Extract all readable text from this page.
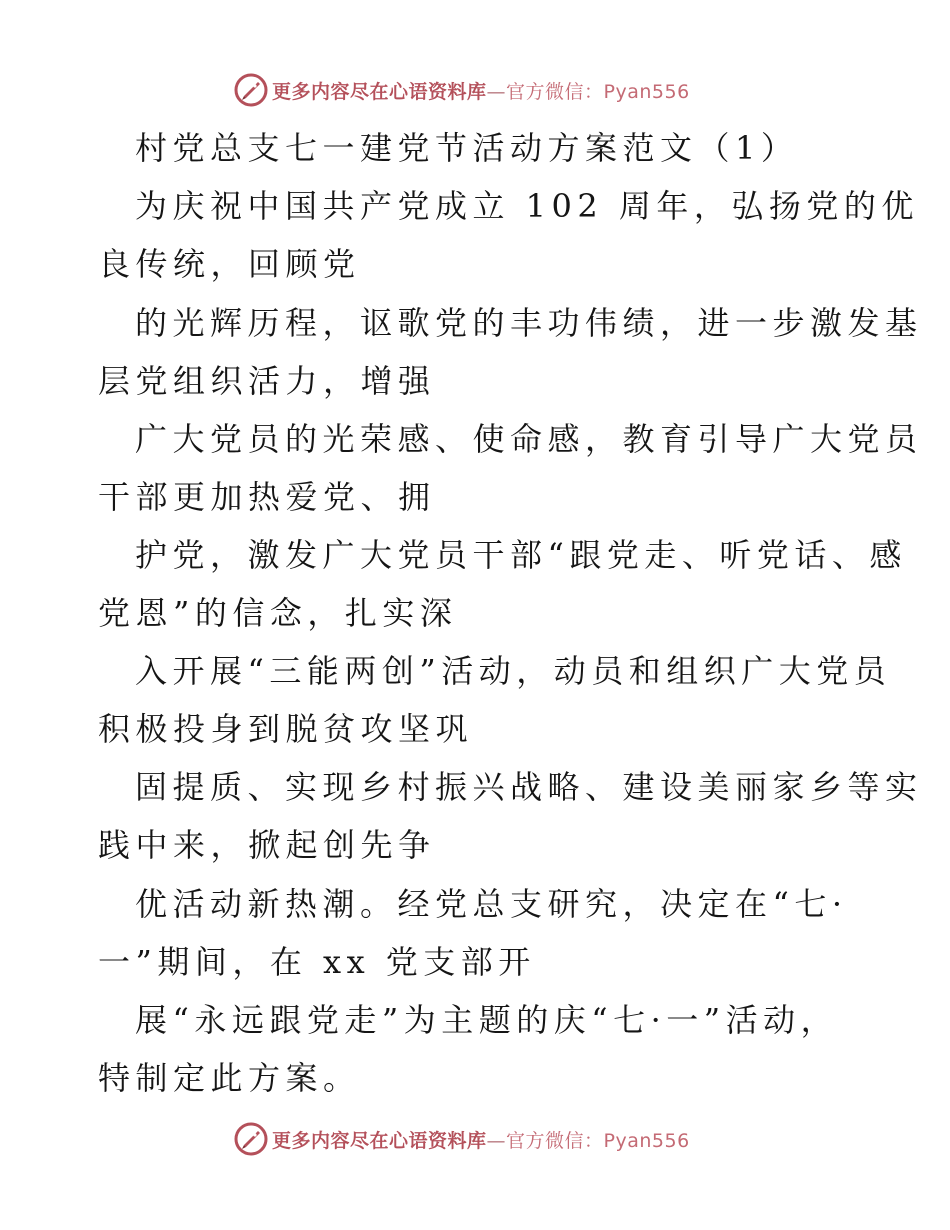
更多内容尽在心语资料库—官方微信：Pyan556
村党总支七一建党节活动方案范文（1）
为庆祝中国共产党成立 102 周年，弘扬党的优
良传统，回顾党
的光辉历程，讴歌党的丰功伟绩，进一步激发基
层党组织活力，增强
广大党员的光荣感、使命感，教育引导广大党员
干部更加热爱党、拥
护党，激发广大党员干部“跟党走、听党话、感
党恩”的信念，扎实深
入开展“三能两创”活动，动员和组织广大党员
积极投身到脱贫攻坚巩
固提质、实现乡村振兴战略、建设美丽家乡等实
践中来，掀起创先争
优活动新热潮。经党总支研究，决定在“七·
一”期间，在 xx 党支部开
展“永远跟党走”为主题的庆“七·一”活动，
特制定此方案。
更多内容尽在心语资料库—官方微信：Pyan556
